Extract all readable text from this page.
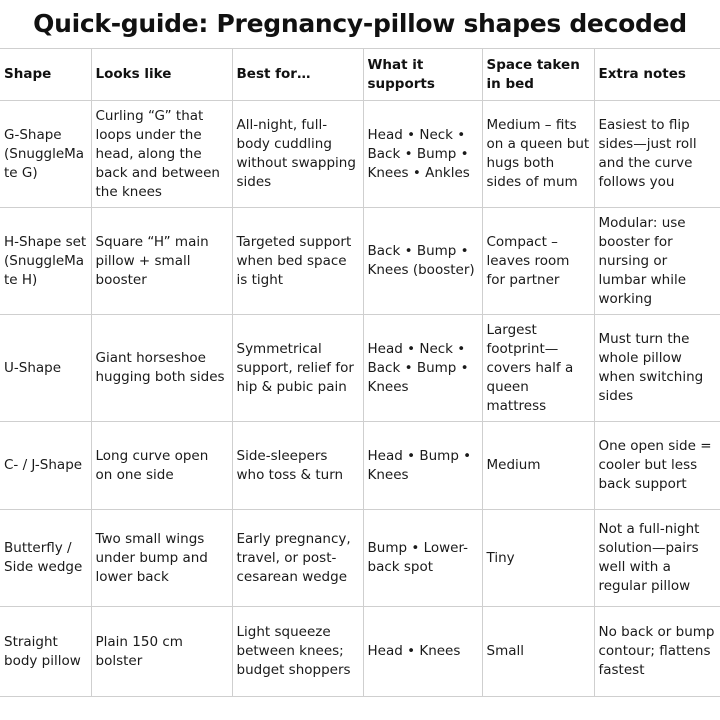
Quick-guide: Pregnancy-pillow shapes decoded
Shape	Looks like	Best for…	What it supports	Space taken in bed	Extra notes
G-Shape (SnuggleMate G)	Curling “G” that loops under the head, along the back and between the knees	All-night, full-body cuddling without swapping sides	Head • Neck • Back • Bump • Knees • Ankles	Medium – fits on a queen but hugs both sides of mum	Easiest to flip sides—just roll and the curve follows you
H-Shape set (SnuggleMate H)	Square “H” main pillow + small booster	Targeted support when bed space is tight	Back • Bump • Knees (booster)	Compact – leaves room for partner	Modular: use booster for nursing or lumbar while working
U-Shape	Giant horseshoe hugging both sides	Symmetrical support, relief for hip & pubic pain	Head • Neck • Back • Bump • Knees	Largest footprint—covers half a queen mattress	Must turn the whole pillow when switching sides
C- / J-Shape	Long curve open on one side	Side-sleepers who toss & turn	Head • Bump • Knees	Medium	One open side = cooler but less back support
Butterfly / Side wedge	Two small wings under bump and lower back	Early pregnancy, travel, or post-cesarean wedge	Bump • Lower-back spot	Tiny	Not a full-night solution—pairs well with a regular pillow
Straight body pillow	Plain 150 cm bolster	Light squeeze between knees; budget shoppers	Head • Knees	Small	No back or bump contour; flattens fastest
